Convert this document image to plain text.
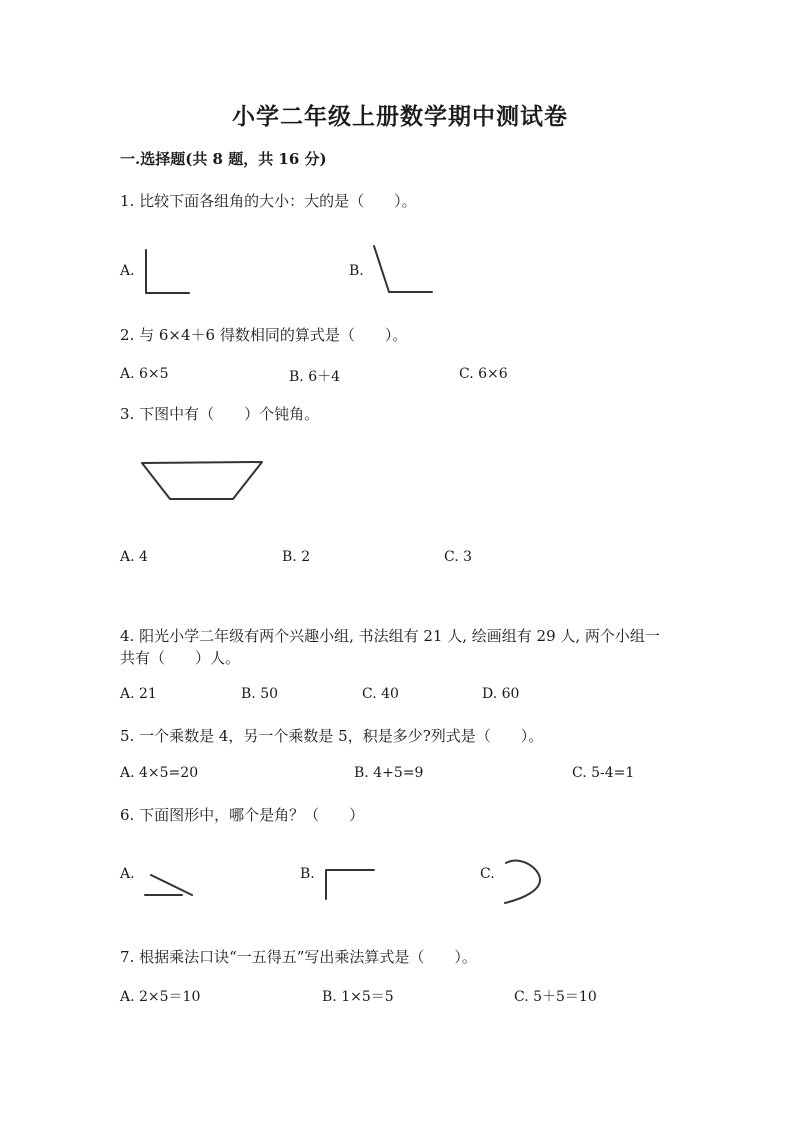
小学二年级上册数学期中测试卷
一.选择题(共 8 题，共 16 分)
1. 比较下面各组角的大小：大的是（　　）。
A.	B.
2. 与 6×4＋6 得数相同的算式是（　　）。
A. 6×5	B. 6＋4	C. 6×6
3. 下图中有（　　）个钝角。
A. 4	B. 2	C. 3
4. 阳光小学二年级有两个兴趣小组, 书法组有 21 人, 绘画组有 29 人, 两个小组一
共有（　　）人。
A. 21	B. 50	C. 40	D. 60
5. 一个乘数是 4，另一个乘数是 5，积是多少?列式是（　　）。
A. 4×5=20	B. 4+5=9	C. 5-4=1
6. 下面图形中，哪个是角？（　　）
A.	B.	C.
7. 根据乘法口诀“一五得五”写出乘法算式是（　　）。
A. 2×5＝10	B. 1×5＝5	C. 5＋5＝10
